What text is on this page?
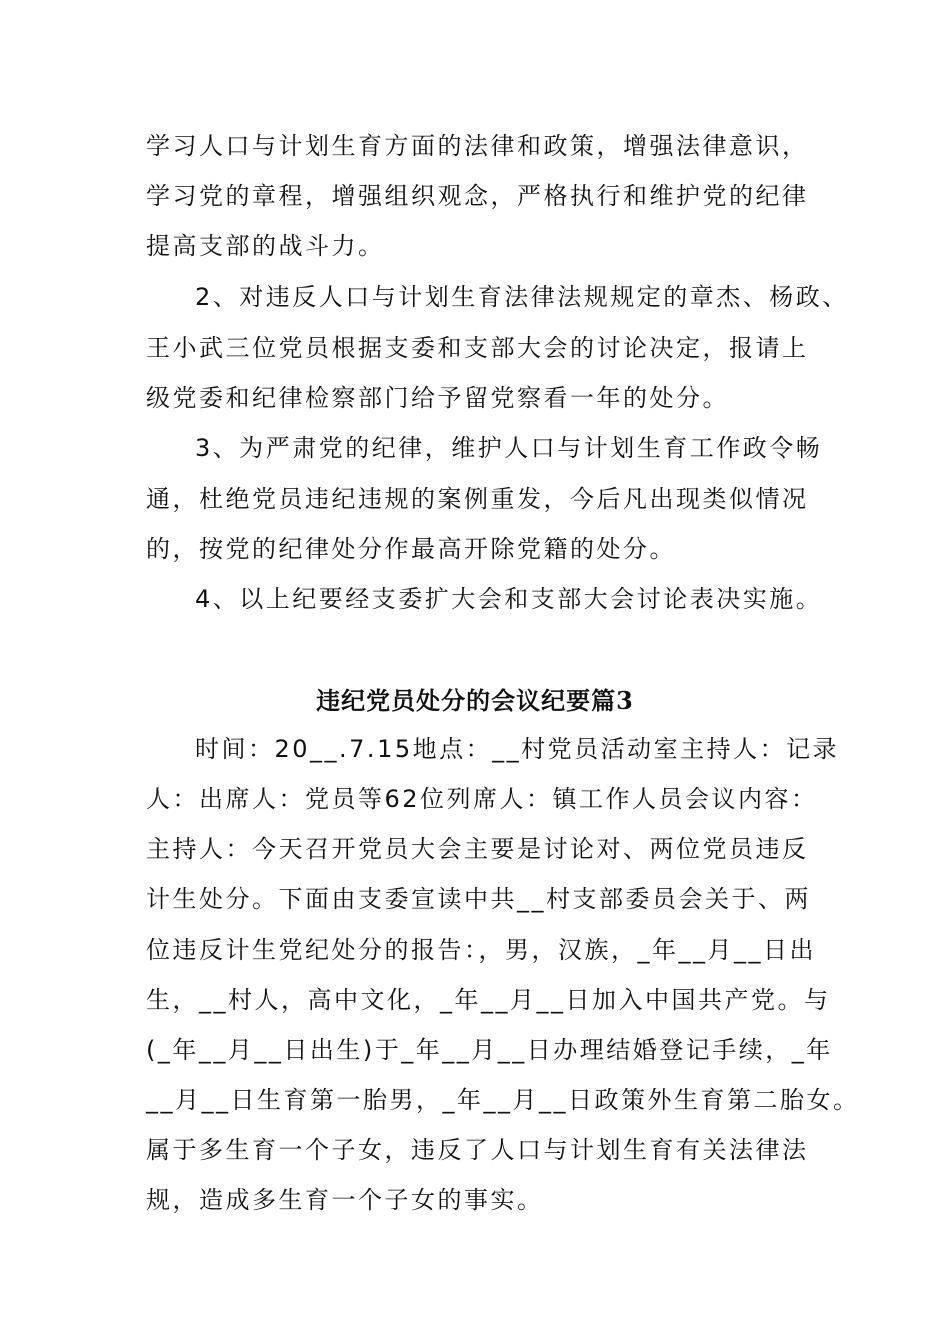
学习人口与计划生育方面的法律和政策，增强法律意识，
学习党的章程，增强组织观念，严格执行和维护党的纪律
提高支部的战斗力。
2、对违反人口与计划生育法律法规规定的章杰、杨政、
王小武三位党员根据支委和支部大会的讨论决定，报请上
级党委和纪律检察部门给予留党察看一年的处分。
3、为严肃党的纪律，维护人口与计划生育工作政令畅
通，杜绝党员违纪违规的案例重发，今后凡出现类似情况
的，按党的纪律处分作最高开除党籍的处分。
4、以上纪要经支委扩大会和支部大会讨论表决实施。
违纪党员处分的会议纪要篇3
时间：20__.7.15地点：__村党员活动室主持人：记录
人：出席人：党员等62位列席人：镇工作人员会议内容：
主持人：今天召开党员大会主要是讨论对、两位党员违反
计生处分。下面由支委宣读中共__村支部委员会关于、两
位违反计生党纪处分的报告：，男，汉族，_年__月__日出
生，__村人，高中文化，_年__月__日加入中国共产党。与
(_年__月__日出生)于_年__月__日办理结婚登记手续，_年
__月__日生育第一胎男，_年__月__日政策外生育第二胎女。
属于多生育一个子女，违反了人口与计划生育有关法律法
规，造成多生育一个子女的事实。
